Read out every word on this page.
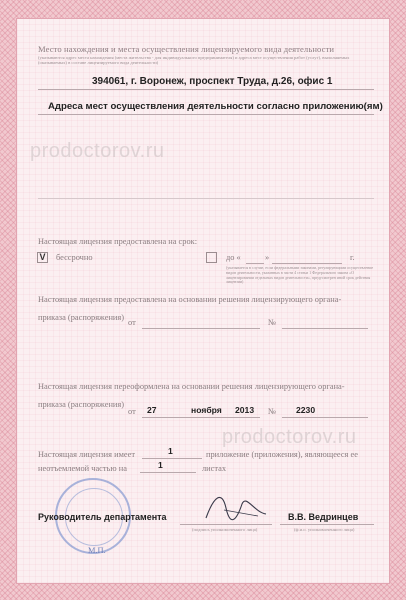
Место нахождения и места осуществления лицензируемого вида деятельности
(указываются адрес места нахождения (места жительства - для индивидуального предпринимателя) и адреса мест осуществления работ (услуг), выполняемых (оказываемых) в составе лицензируемого вида деятельности)
394061, г. Воронеж, проспект Труда, д.26, офис 1
Адреса мест осуществления деятельности согласно приложению(ям)
prodoctorov.ru
Настоящая лицензия предоставлена на срок:
V бессрочно	до «	»	г.
(указывается в случае, если федеральными законами, регулирующими осуществление видов деятельности, указанных в части 4 статьи 1 Федерального закона «О лицензировании отдельных видов деятельности», предусмотрен иной срок действия лицензии)
Настоящая лицензия предоставлена на основании решения лицензирующего органа-
приказа (распоряжения)
от	№
Настоящая лицензия переоформлена на основании решения лицензирующего органа-
приказа (распоряжения)
от 27	ноября 2013 № 2230
prodoctorov.ru
Настоящая лицензия имеет	1	приложение (приложения), являющееся ее
неотъемлемой частью на	1	листах
Руководитель департамента	В.В. Ведринцев
(подпись уполномоченного лица)	(ф.и.о. уполномоченного лица)
М.П.
